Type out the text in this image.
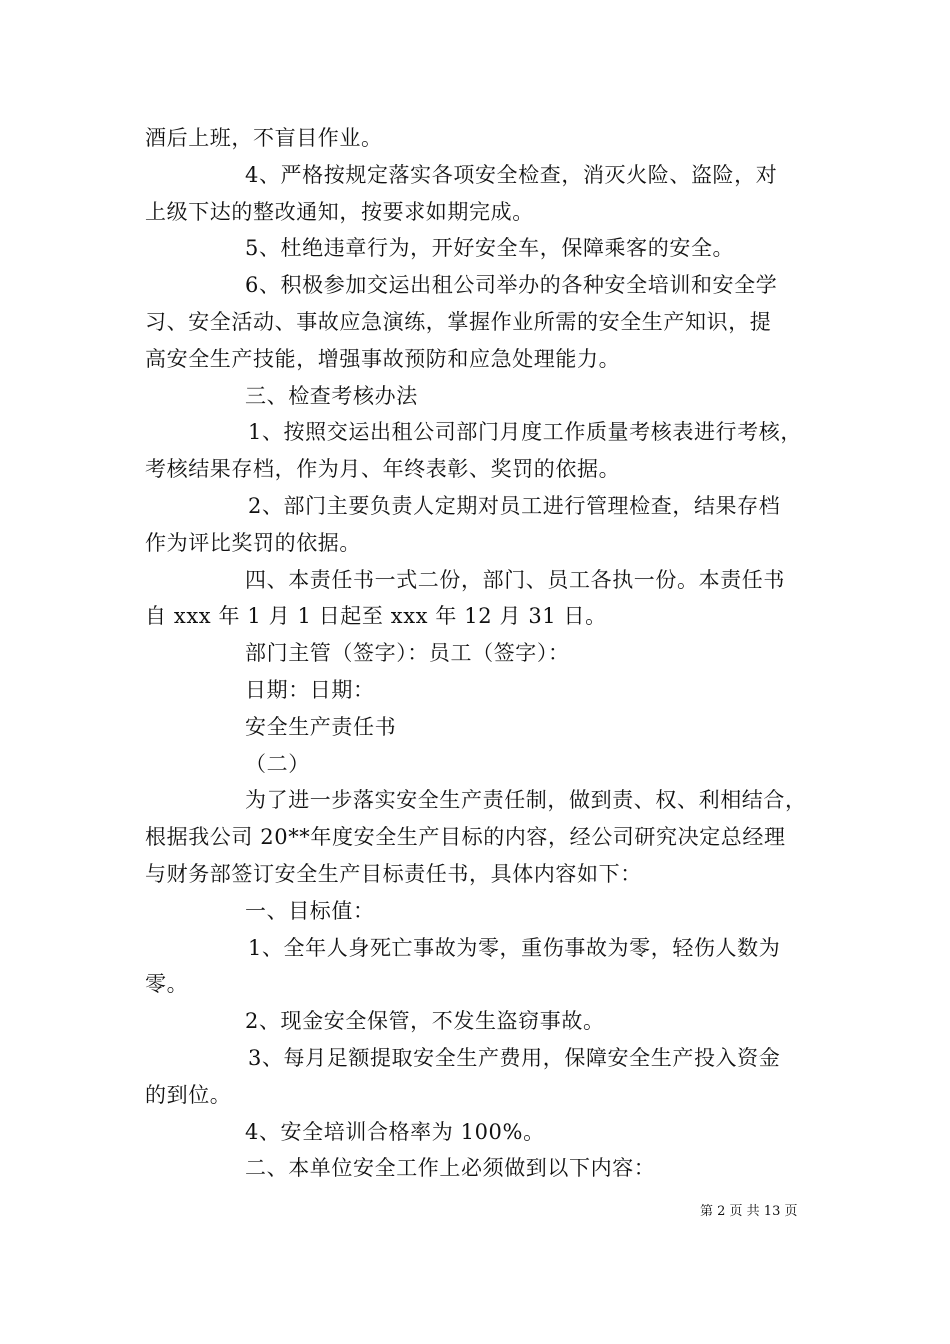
酒后上班，不盲目作业。
4、严格按规定落实各项安全检查，消灭火险、盗险，对
上级下达的整改通知，按要求如期完成。
5、杜绝违章行为，开好安全车，保障乘客的安全。
6、积极参加交运出租公司举办的各种安全培训和安全学
习、安全活动、事故应急演练，掌握作业所需的安全生产知识，提
高安全生产技能，增强事故预防和应急处理能力。
三、检查考核办法
1、按照交运出租公司部门月度工作质量考核表进行考核，
考核结果存档，作为月、年终表彰、奖罚的依据。
2、部门主要负责人定期对员工进行管理检查，结果存档
作为评比奖罚的依据。
四、本责任书一式二份，部门、员工各执一份。本责任书
自 xxx 年 1 月 1 日起至 xxx 年 12 月 31 日。
部门主管（签字）：员工（签字）：
日期：日期：
安全生产责任书
（二）
为了进一步落实安全生产责任制，做到责、权、利相结合，
根据我公司 20**年度安全生产目标的内容，经公司研究决定总经理
与财务部签订安全生产目标责任书，具体内容如下：
一、目标值：
1、全年人身死亡事故为零，重伤事故为零，轻伤人数为
零。
2、现金安全保管，不发生盗窃事故。
3、每月足额提取安全生产费用，保障安全生产投入资金
的到位。
4、安全培训合格率为 100%。
二、本单位安全工作上必须做到以下内容：
第 2 页 共 13 页
